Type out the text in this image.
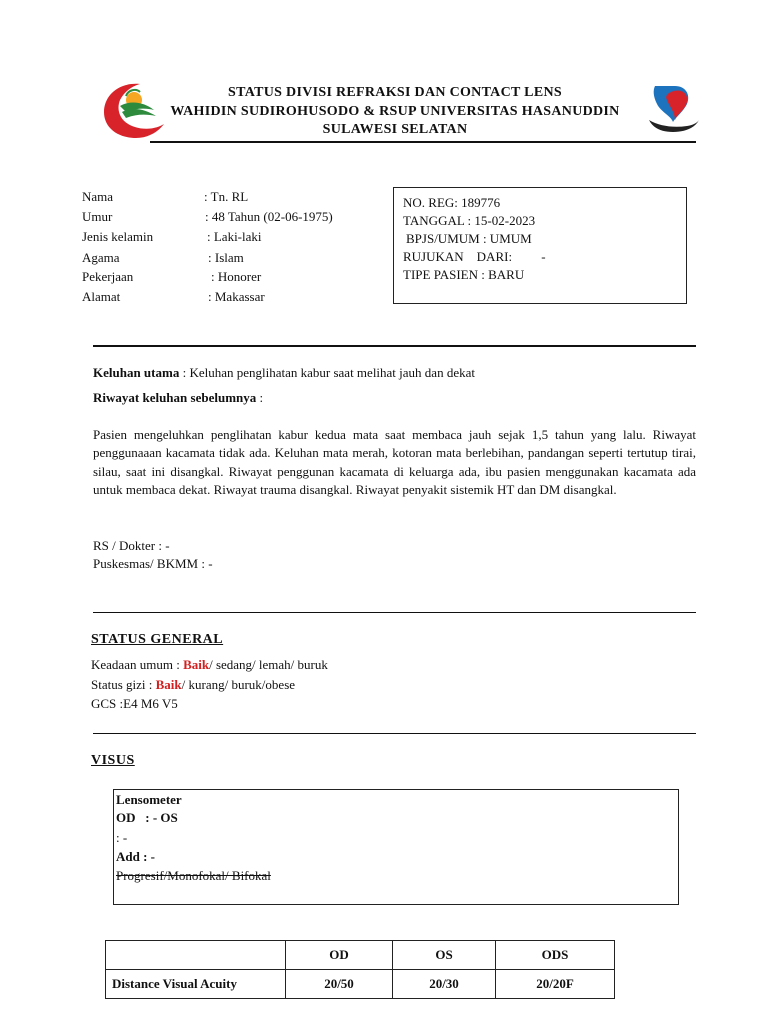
STATUS DIVISI REFRAKSI DAN CONTACT LENS
WAHIDIN SUDIROHUSODO & RSUP UNIVERSITAS HASANUDDIN
SULAWESI SELATAN
Nama	: Tn. RL
Umur	: 48 Tahun (02-06-1975)
Jenis kelamin	: Laki-laki
Agama	: Islam
Pekerjaan	: Honorer
Alamat	: Makassar
NO. REG: 189776
TANGGAL : 15-02-2023
BPJS/UMUM : UMUM
RUJUKAN    DARI:         -
TIPE PASIEN : BARU
Keluhan utama : Keluhan penglihatan kabur saat melihat jauh dan dekat
Riwayat keluhan sebelumnya :
Pasien mengeluhkan penglihatan kabur kedua mata saat membaca jauh sejak 1,5 tahun yang lalu. Riwayat penggunaaan kacamata tidak ada. Keluhan mata merah, kotoran mata berlebihan, pandangan seperti tertutup tirai, silau, saat ini disangkal. Riwayat penggunan kacamata di keluarga ada, ibu pasien menggunakan kacamata ada untuk membaca dekat. Riwayat trauma disangkal. Riwayat penyakit sistemik HT dan DM disangkal.
RS / Dokter : -
Puskesmas/ BKMM : -
STATUS GENERAL
Keadaan umum : Baik/ sedang/ lemah/ buruk
Status gizi : Baik/ kurang/ buruk/obese
GCS :E4 M6 V5
VISUS
Lensometer
OD   : - OS
: -
Add : -
Progresif/Monofokal/ Bifokal
	OD	OS	ODS
Distance Visual Acuity	20/50	20/30	20/20F
